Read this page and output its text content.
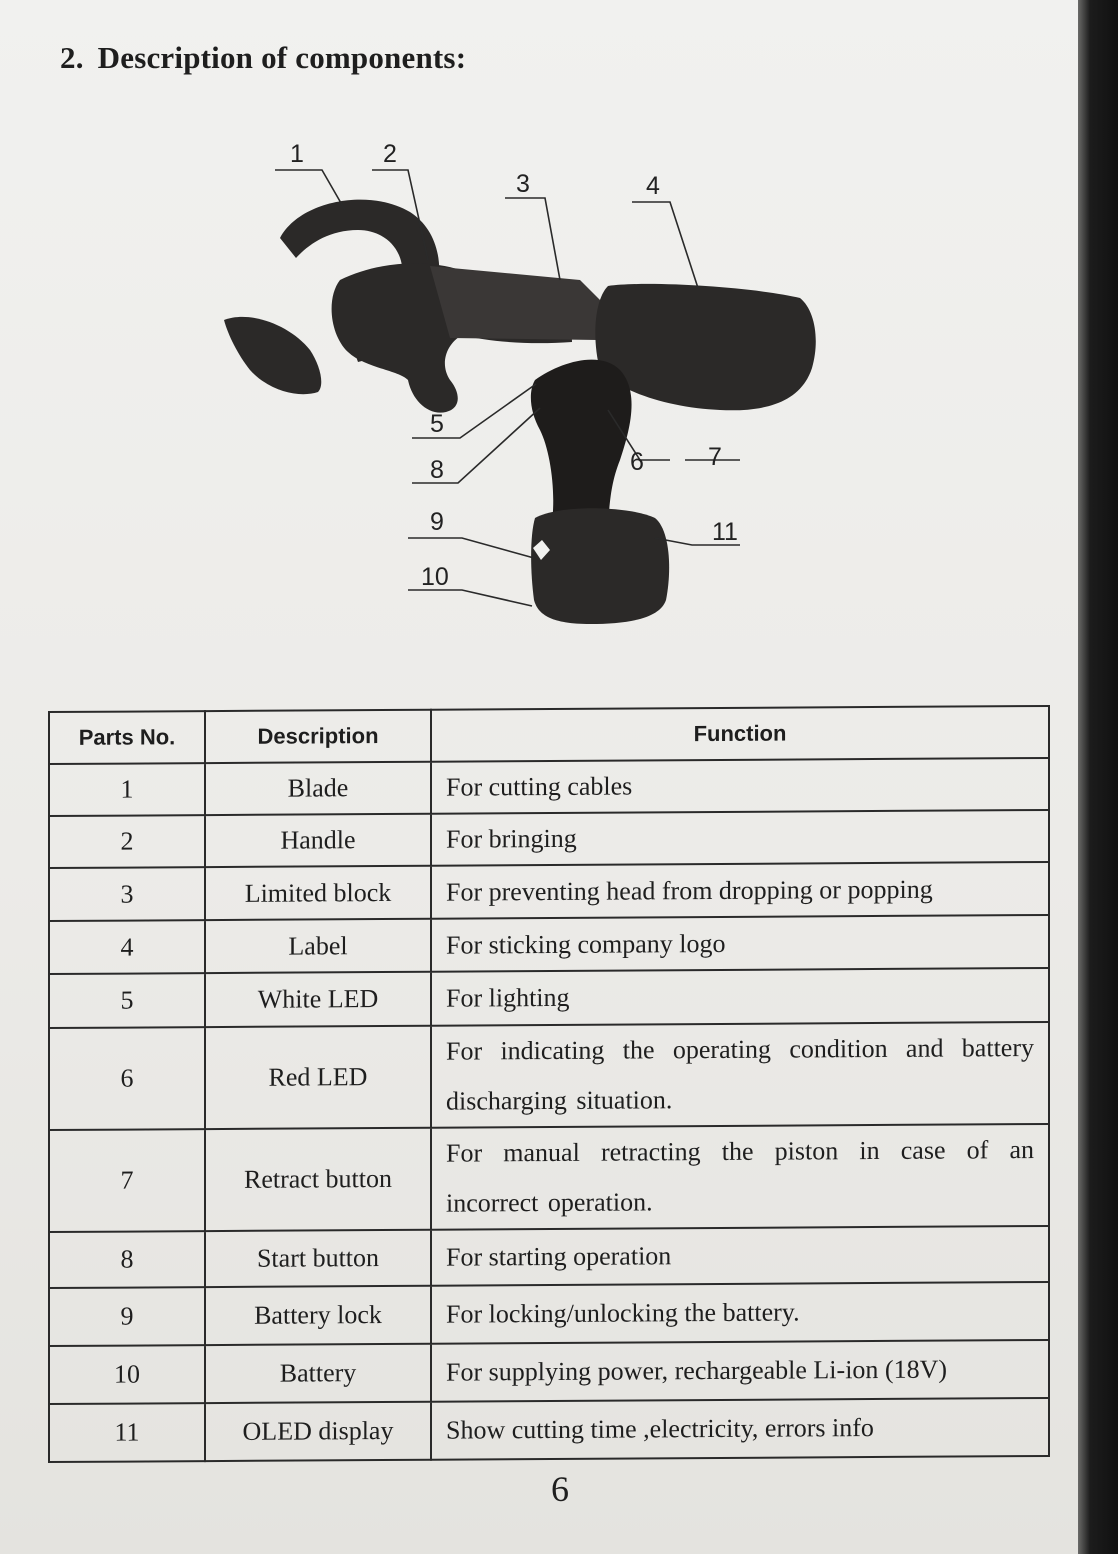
2. Description of components:
1	2
3	4
5
6	7
8
9
10
11
Parts No.	Description	Function
1	Blade	For cutting cables
2	Handle	For bringing
3	Limited block	For preventing head from dropping or popping
4	Label	For sticking company logo
5	White LED	For lighting
6	Red LED	For indicating the operating condition and battery discharging situation.
7	Retract button	For manual retracting the piston in case of an incorrect operation.
8	Start button	For starting operation
9	Battery lock	For locking/unlocking the battery.
10	Battery	For supplying power, rechargeable Li-ion (18V)
11	OLED display	Show cutting time ,electricity, errors info
6
